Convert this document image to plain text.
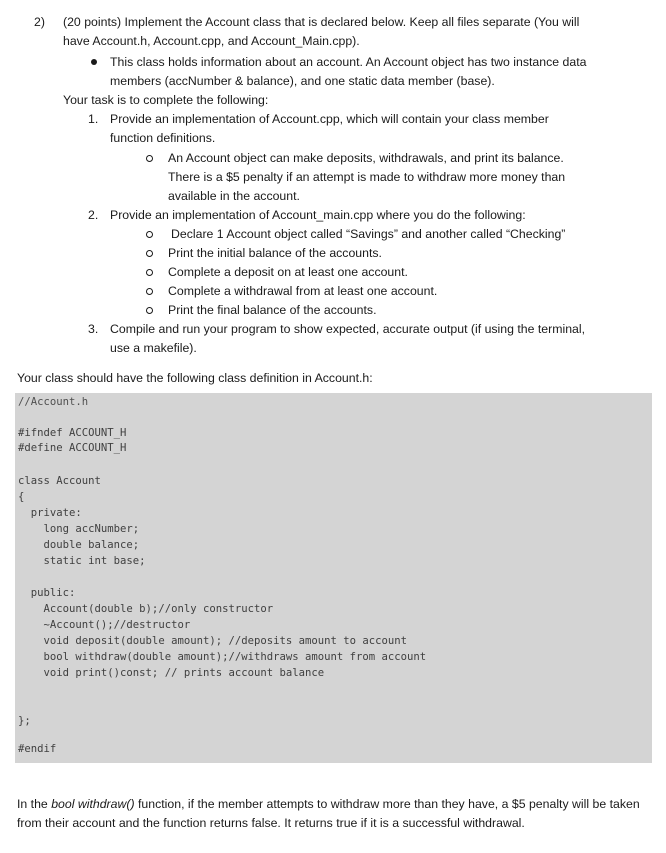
2) (20 points) Implement the Account class that is declared below. Keep all files separate (You will
have Account.h, Account.cpp, and Account_Main.cpp).
This class holds information about an account. An Account object has two instance data
members (accNumber & balance), and one static data member (base).
Your task is to complete the following:
1. Provide an implementation of Account.cpp, which will contain your class member
function definitions.
An Account object can make deposits, withdrawals, and print its balance.
There is a $5 penalty if an attempt is made to withdraw more money than
available in the account.
2. Provide an implementation of Account_main.cpp where you do the following:
Declare 1 Account object called “Savings” and another called “Checking”
Print the initial balance of the accounts.
Complete a deposit on at least one account.
Complete a withdrawal from at least one account.
Print the final balance of the accounts.
3. Compile and run your program to show expected, accurate output (if using the terminal,
use a makefile).
Your class should have the following class definition in Account.h:
//Account.h
#ifndef ACCOUNT_H
#define ACCOUNT_H
class Account
{
private:
long accNumber;
double balance;
static int base;
public:
Account(double b);//only constructor
~Account();//destructor
void deposit(double amount); //deposits amount to account
bool withdraw(double amount);//withdraws amount from account
void print()const; // prints account balance
};
#endif
In the bool withdraw() function, if the member attempts to withdraw more than they have, a $5 penalty will be taken from their account and the function returns false. It returns true if it is a successful withdrawal.
